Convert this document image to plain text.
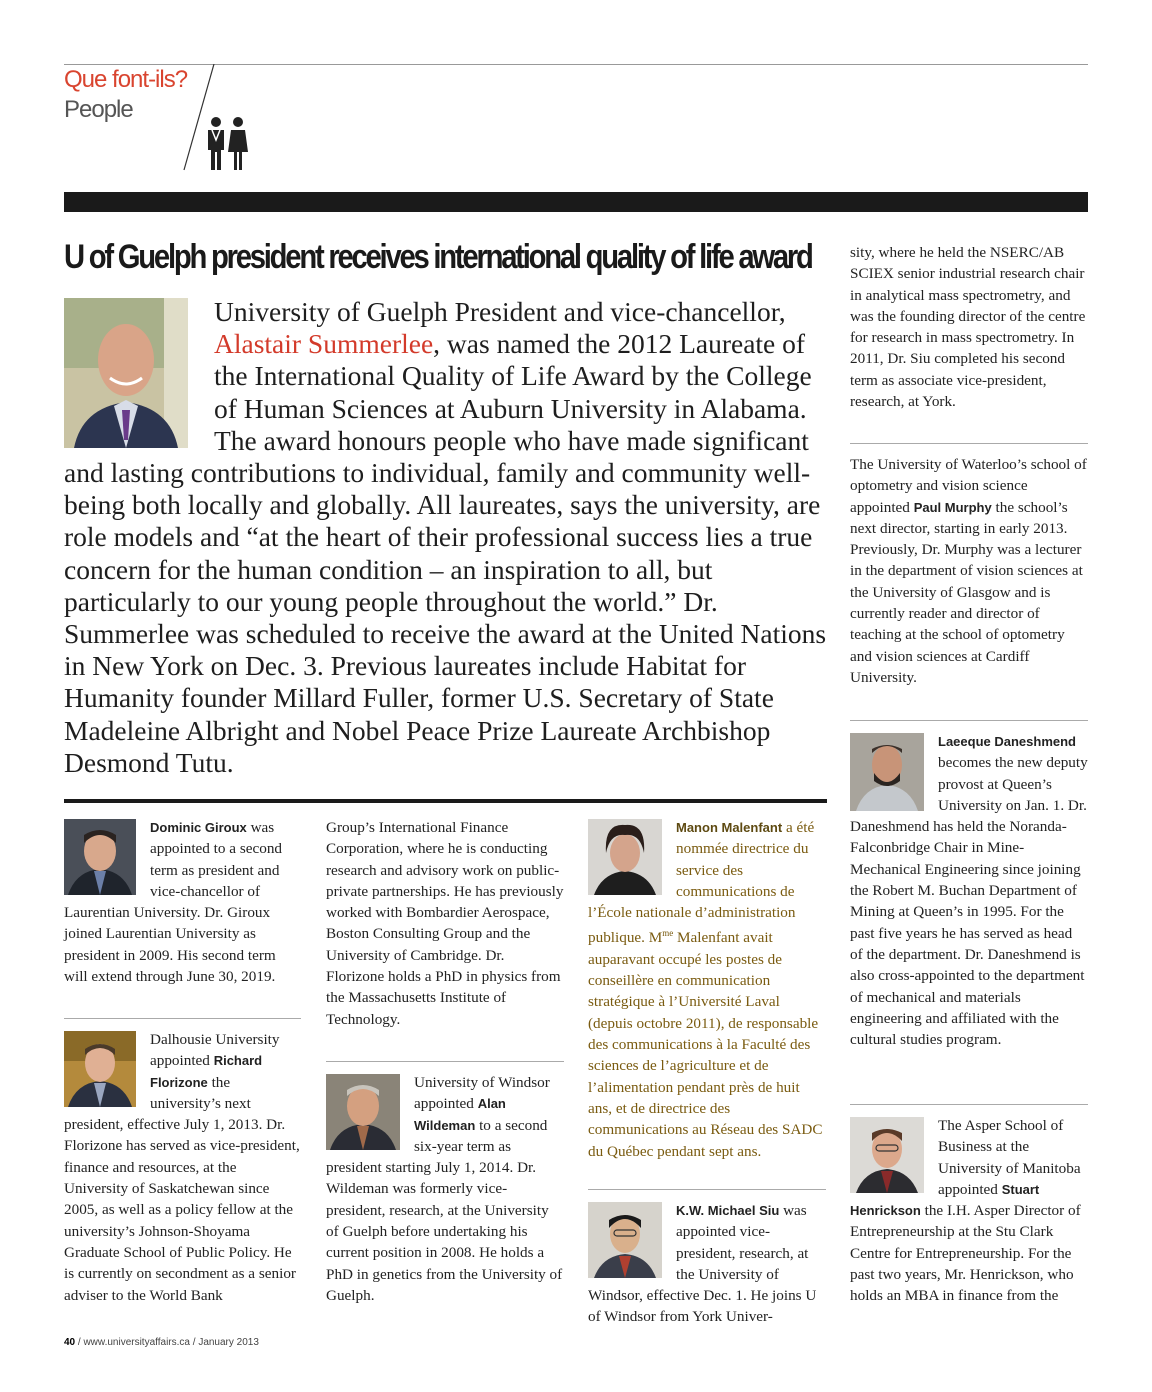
Que font-ils?
People
U of Guelph president receives international quality of life award
University of Guelph President and vice-chancellor, Alastair Summerlee, was named the 2012 Laureate of the International Quality of Life Award by the College of Human Sciences at Auburn University in Alabama. The award honours people who have made significant and lasting contributions to individual, family and community well-being both locally and globally. All laureates, says the university, are role models and “at the heart of their professional success lies a true concern for the human condition – an inspiration to all, but particularly to our young people throughout the world.” Dr. Summerlee was scheduled to receive the award at the United Nations in New York on Dec. 3. Previous laureates include Habitat for Humanity founder Millard Fuller, former U.S. Secretary of State Madeleine Albright and Nobel Peace Prize Laureate Archbishop Desmond Tutu.
Dominic Giroux was appointed to a second term as president and vice-chancellor of Laurentian University. Dr. Giroux joined Laurentian University as president in 2009. His second term will extend through June 30, 2019.
Dalhousie University appointed Richard Florizone the university’s next president, effective July 1, 2013. Dr. Florizone has served as vice-president, finance and resources, at the University of Saskatchewan since 2005, as well as a policy fellow at the university’s Johnson-Shoyama Graduate School of Public Policy. He is currently on secondment as a senior adviser to the World Bank
Group’s International Finance Corporation, where he is conducting research and advisory work on public-private partnerships. He has previously worked with Bombardier Aerospace, Boston Consulting Group and the University of Cambridge. Dr. Florizone holds a PhD in physics from the Massachusetts Institute of Technology.
University of Windsor appointed Alan Wildeman to a second six-year term as president starting July 1, 2014. Dr. Wildeman was formerly vice-president, research, at the University of Guelph before undertaking his current position in 2008. He holds a PhD in genetics from the University of Guelph.
Manon Malenfant a été nommée directrice du service des communications de l’École nationale d’administration publique. $M^{me}$ Malenfant avait auparavant occupé les postes de conseillère en communication stratégique à l’Université Laval (depuis octobre 2011), de responsable des communications à la Faculté des sciences de l’agriculture et de l’alimentation pendant près de huit ans, et de directrice des communications au Réseau des SADC du Québec pendant sept ans.
K.W. Michael Siu was appointed vice-president, research, at the University of Windsor, effective Dec. 1. He joins U of Windsor from York Univer-
sity, where he held the NSERC/AB SCIEX senior industrial research chair in analytical mass spectrometry, and was the founding director of the centre for research in mass spectrometry. In 2011, Dr. Siu completed his second term as associate vice-president, research, at York.
The University of Waterloo’s school of optometry and vision science appointed Paul Murphy the school’s next director, starting in early 2013. Previously, Dr. Murphy was a lecturer in the department of vision sciences at the University of Glasgow and is currently reader and director of teaching at the school of optometry and vision sciences at Cardiff University.
Laeeque Daneshmend becomes the new deputy provost at Queen’s University on Jan. 1. Dr. Daneshmend has held the Noranda-Falconbridge Chair in Mine-Mechanical Engineering since joining the Robert M. Buchan Department of Mining at Queen’s in 1995. For the past five years he has served as head of the department. Dr. Daneshmend is also cross-appointed to the department of mechanical and materials engineering and affiliated with the cultural studies program.
The Asper School of Business at the University of Manitoba appointed Stuart Henrickson the I.H. Asper Director of Entrepreneurship at the Stu Clark Centre for Entrepreneurship. For the past two years, Mr. Henrickson, who holds an MBA in finance from the
40 / www.universityaffairs.ca / January 2013
